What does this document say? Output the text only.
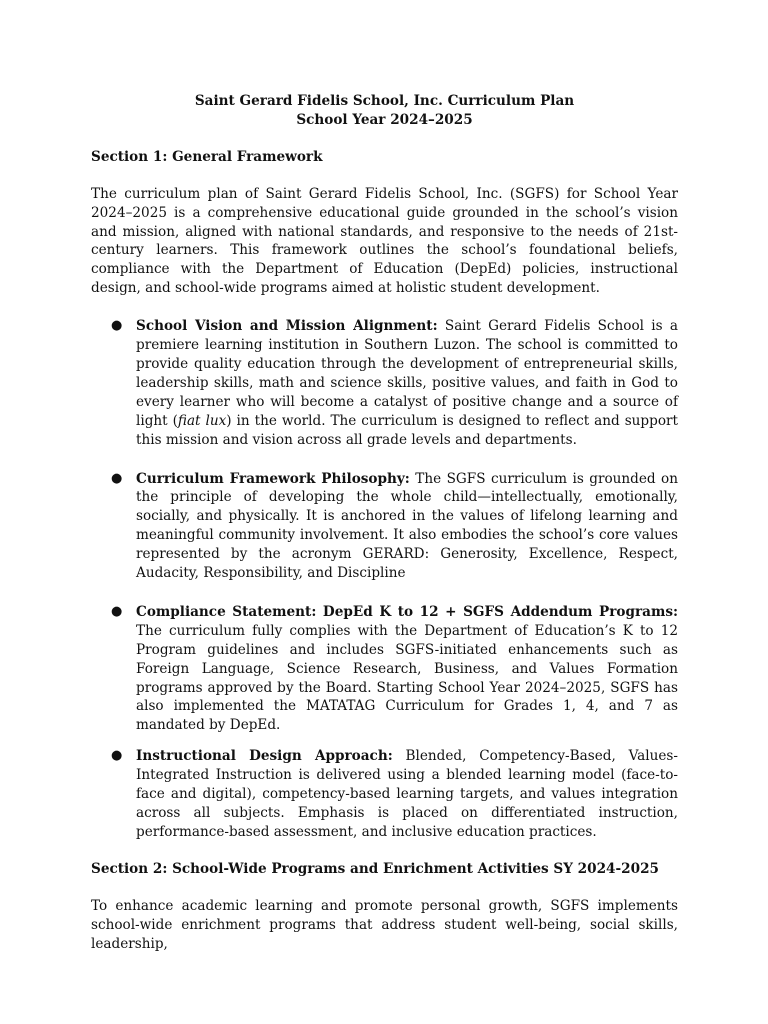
Saint Gerard Fidelis School, Inc. Curriculum Plan

School Year 2024–2025

Section 1: General Framework

The curriculum plan of Saint Gerard Fidelis School, Inc. (SGFS) for School Year 2024–2025 is a comprehensive educational guide grounded in the school’s vision and mission, aligned with national standards, and responsive to the needs of 21st-century learners. This framework outlines the school’s foundational beliefs, compliance with the Department of Education (DepEd) policies, instructional design, and school-wide programs aimed at holistic student development.

● School Vision and Mission Alignment: Saint Gerard Fidelis School is a premiere learning institution in Southern Luzon. The school is committed to provide quality education through the development of entrepreneurial skills, leadership skills, math and science skills, positive values, and faith in God to every learner who will become a catalyst of positive change and a source of light (fiat lux) in the world. The curriculum is designed to reflect and support this mission and vision across all grade levels and departments.
● Curriculum Framework Philosophy: The SGFS curriculum is grounded on the principle of developing the whole child—intellectually, emotionally, socially, and physically. It is anchored in the values of lifelong learning and meaningful community involvement. It also embodies the school’s core values represented by the acronym GERARD: Generosity, Excellence, Respect, Audacity, Responsibility, and Discipline
● Compliance Statement: DepEd K to 12 + SGFS Addendum Programs: The curriculum fully complies with the Department of Education’s K to 12 Program guidelines and includes SGFS-initiated enhancements such as Foreign Language, Science Research, Business, and Values Formation programs approved by the Board. Starting School Year 2024–2025, SGFS has also implemented the MATATAG Curriculum for Grades 1, 4, and 7 as mandated by DepEd.
● Instructional Design Approach: Blended, Competency-Based, Values-Integrated Instruction is delivered using a blended learning model (face-to-face and digital), competency-based learning targets, and values integration across all subjects. Emphasis is placed on differentiated instruction, performance-based assessment, and inclusive education practices.

Section 2: School-Wide Programs and Enrichment Activities SY 2024-2025

To enhance academic learning and promote personal growth, SGFS implements school-wide enrichment programs that address student well-being, social skills, leadership,
